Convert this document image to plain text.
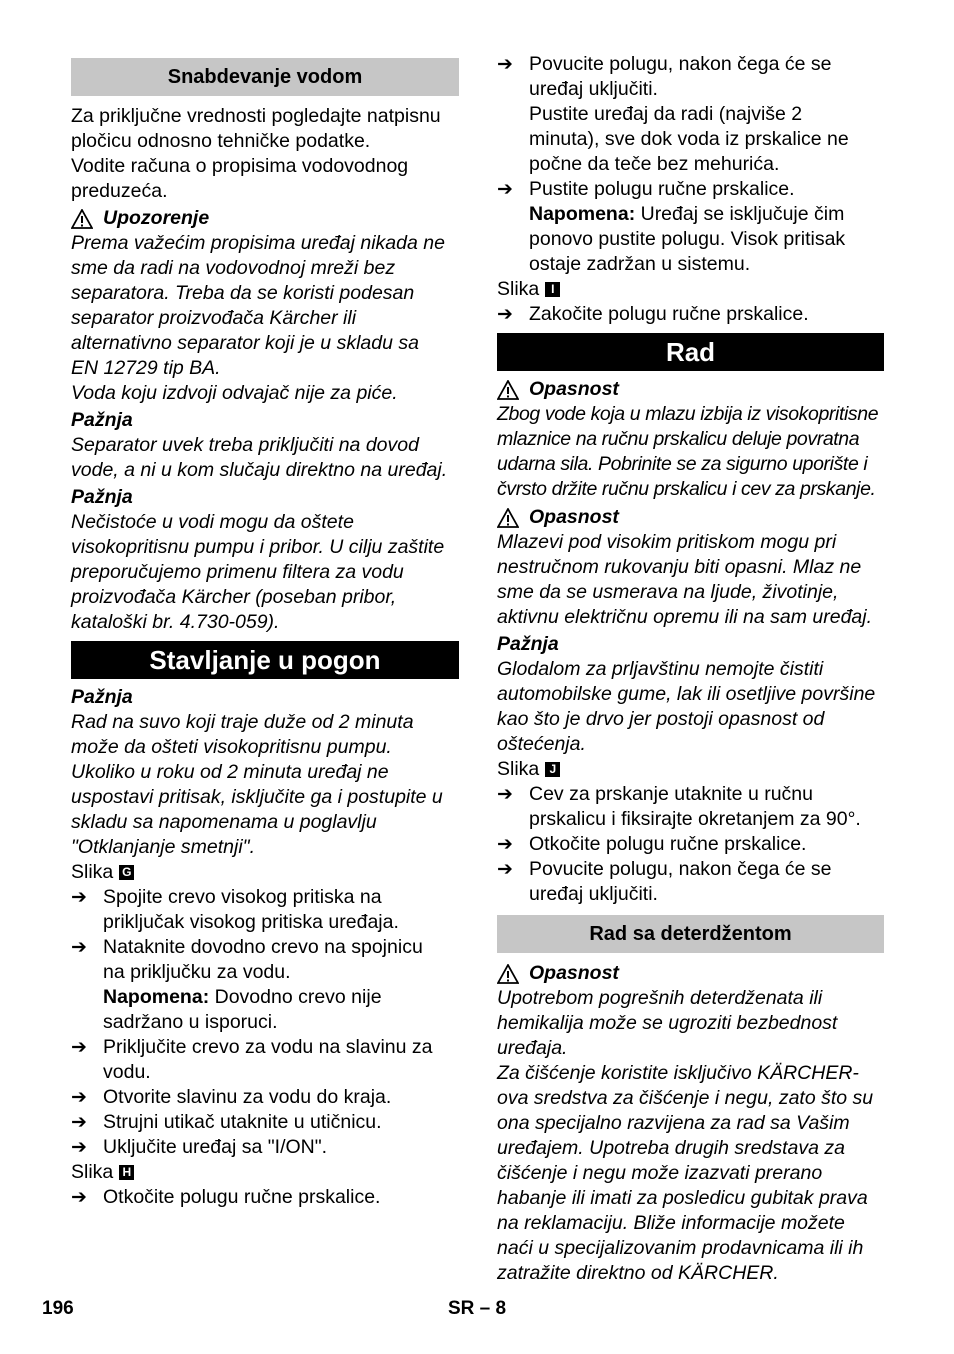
Snabdevanje vodom
Za priključne vrednosti pogledajte natpisnu
pločicu odnosno tehničke podatke.
Vodite računa o propisima vodovodnog
preduzeća.
Upozorenje
Prema važećim propisima uređaj nikada ne
sme da radi na vodovodnoj mreži bez
separatora. Treba da se koristi podesan
separator proizvođača Kärcher ili
alternativno separator koji je u skladu sa
EN 12729 tip BA.
Voda koju izdvoji odvajač nije za piće.
Pažnja
Separator uvek treba priključiti na dovod
vode, a ni u kom slučaju direktno na uređaj.
Pažnja
Nečistoće u vodi mogu da oštete
visokopritisnu pumpu i pribor. U cilju zaštite
preporučujemo primenu filtera za vodu
proizvođača Kärcher (poseban pribor,
kataloški br. 4.730-059).
Stavljanje u pogon
Pažnja
Rad na suvo koji traje duže od 2 minuta
može da ošteti visokopritisnu pumpu.
Ukoliko u roku od 2 minuta uređaj ne
uspostavi pritisak, isključite ga i postupite u
skladu sa napomenama u poglavlju
"Otklanjanje smetnji".
Slika G
➔ Spojite crevo visokog pritiska na
priključak visokog pritiska uređaja.
➔ Nataknite dovodno crevo na spojnicu
na priključku za vodu.
Napomena: Dovodno crevo nije
sadržano u isporuci.
➔ Priključite crevo za vodu na slavinu za
vodu.
➔ Otvorite slavinu za vodu do kraja.
➔ Strujni utikač utaknite u utičnicu.
➔ Uključite uređaj sa "I/ON".
Slika H
➔ Otkočite polugu ručne prskalice.
➔ Povucite polugu, nakon čega će se
uređaj uključiti.
Pustite uređaj da radi (najviše 2
minuta), sve dok voda iz prskalice ne
počne da teče bez mehurića.
➔ Pustite polugu ručne prskalice.
Napomena: Uređaj se isključuje čim
ponovo pustite polugu. Visok pritisak
ostaje zadržan u sistemu.
Slika I
➔ Zakočite polugu ručne prskalice.
Rad
Opasnost
Zbog vode koja u mlazu izbija iz visokopritisne
mlaznice na ručnu prskalicu deluje povratna
udarna sila. Pobrinite se za sigurno uporište i
čvrsto držite ručnu prskalicu i cev za prskanje.
Opasnost
Mlazevi pod visokim pritiskom mogu pri
nestručnom rukovanju biti opasni. Mlaz ne
sme da se usmerava na ljude, životinje,
aktivnu električnu opremu ili na sam uređaj.
Pažnja
Glodalom za prljavštinu nemojte čistiti
automobilske gume, lak ili osetljive površine
kao što je drvo jer postoji opasnost od
oštećenja.
Slika J
➔ Cev za prskanje utaknite u ručnu
prskalicu i fiksirajte okretanjem za 90°.
➔ Otkočite polugu ručne prskalice.
➔ Povucite polugu, nakon čega će se
uređaj uključiti.
Rad sa deterdžentom
Opasnost
Upotrebom pogrešnih deterdženata ili
hemikalija može se ugroziti bezbednost
uređaja.
Za čišćenje koristite isključivo KÄRCHER-
ova sredstva za čišćenje i negu, zato što su
ona specijalno razvijena za rad sa Vašim
uređajem. Upotreba drugih sredstava za
čišćenje i negu može izazvati prerano
habanje ili imati za posledicu gubitak prava
na reklamaciju. Bliže informacije možete
naći u specijalizovanim prodavnicama ili ih
zatražite direktno od KÄRCHER.
196	SR – 8
